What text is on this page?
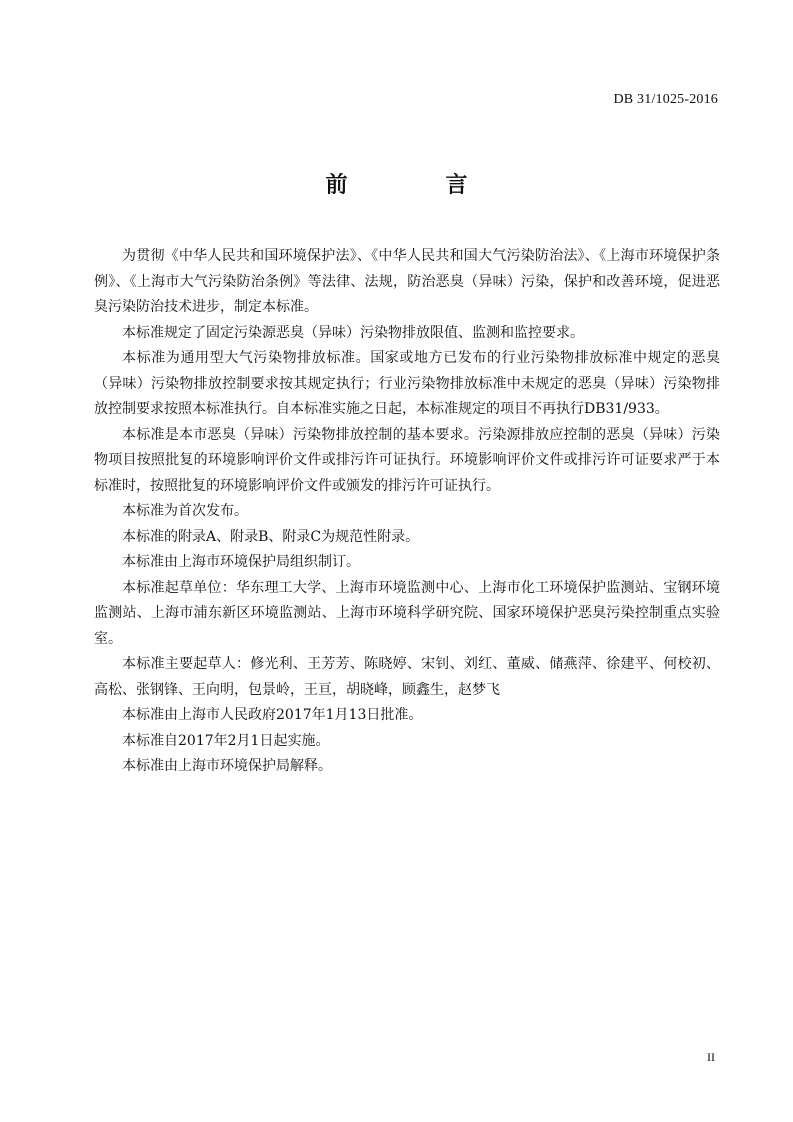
DB 31/1025-2016
前　言

为贯彻《中华人民共和国环境保护法》、《中华人民共和国大气污染防治法》、《上海市环境保护条例》、《上海市大气污染防治条例》等法律、法规，防治恶臭（异味）污染，保护和改善环境，促进恶臭污染防治技术进步，制定本标准。

本标准规定了固定污染源恶臭（异味）污染物排放限值、监测和监控要求。

本标准为通用型大气污染物排放标准。国家或地方已发布的行业污染物排放标准中规定的恶臭（异味）污染物排放控制要求按其规定执行；行业污染物排放标准中未规定的恶臭（异味）污染物排放控制要求按照本标准执行。自本标准实施之日起，本标准规定的项目不再执行DB31/933。

本标准是本市恶臭（异味）污染物排放控制的基本要求。污染源排放应控制的恶臭（异味）污染物项目按照批复的环境影响评价文件或排污许可证执行。环境影响评价文件或排污许可证要求严于本标准时，按照批复的环境影响评价文件或颁发的排污许可证执行。

本标准为首次发布。

本标准的附录A、附录B、附录C为规范性附录。

本标准由上海市环境保护局组织制订。

本标准起草单位：华东理工大学、上海市环境监测中心、上海市化工环境保护监测站、宝钢环境监测站、上海市浦东新区环境监测站、上海市环境科学研究院、国家环境保护恶臭污染控制重点实验室。

本标准主要起草人：修光利、王芳芳、陈晓婷、宋钊、刘红、董威、储燕萍、徐建平、何校初、高松、张钢锋、王向明，包景岭，王亘，胡晓峰，顾鑫生，赵梦飞

本标准由上海市人民政府2017年1月13日批准。

本标准自2017年2月1日起实施。

本标准由上海市环境保护局解释。

II
